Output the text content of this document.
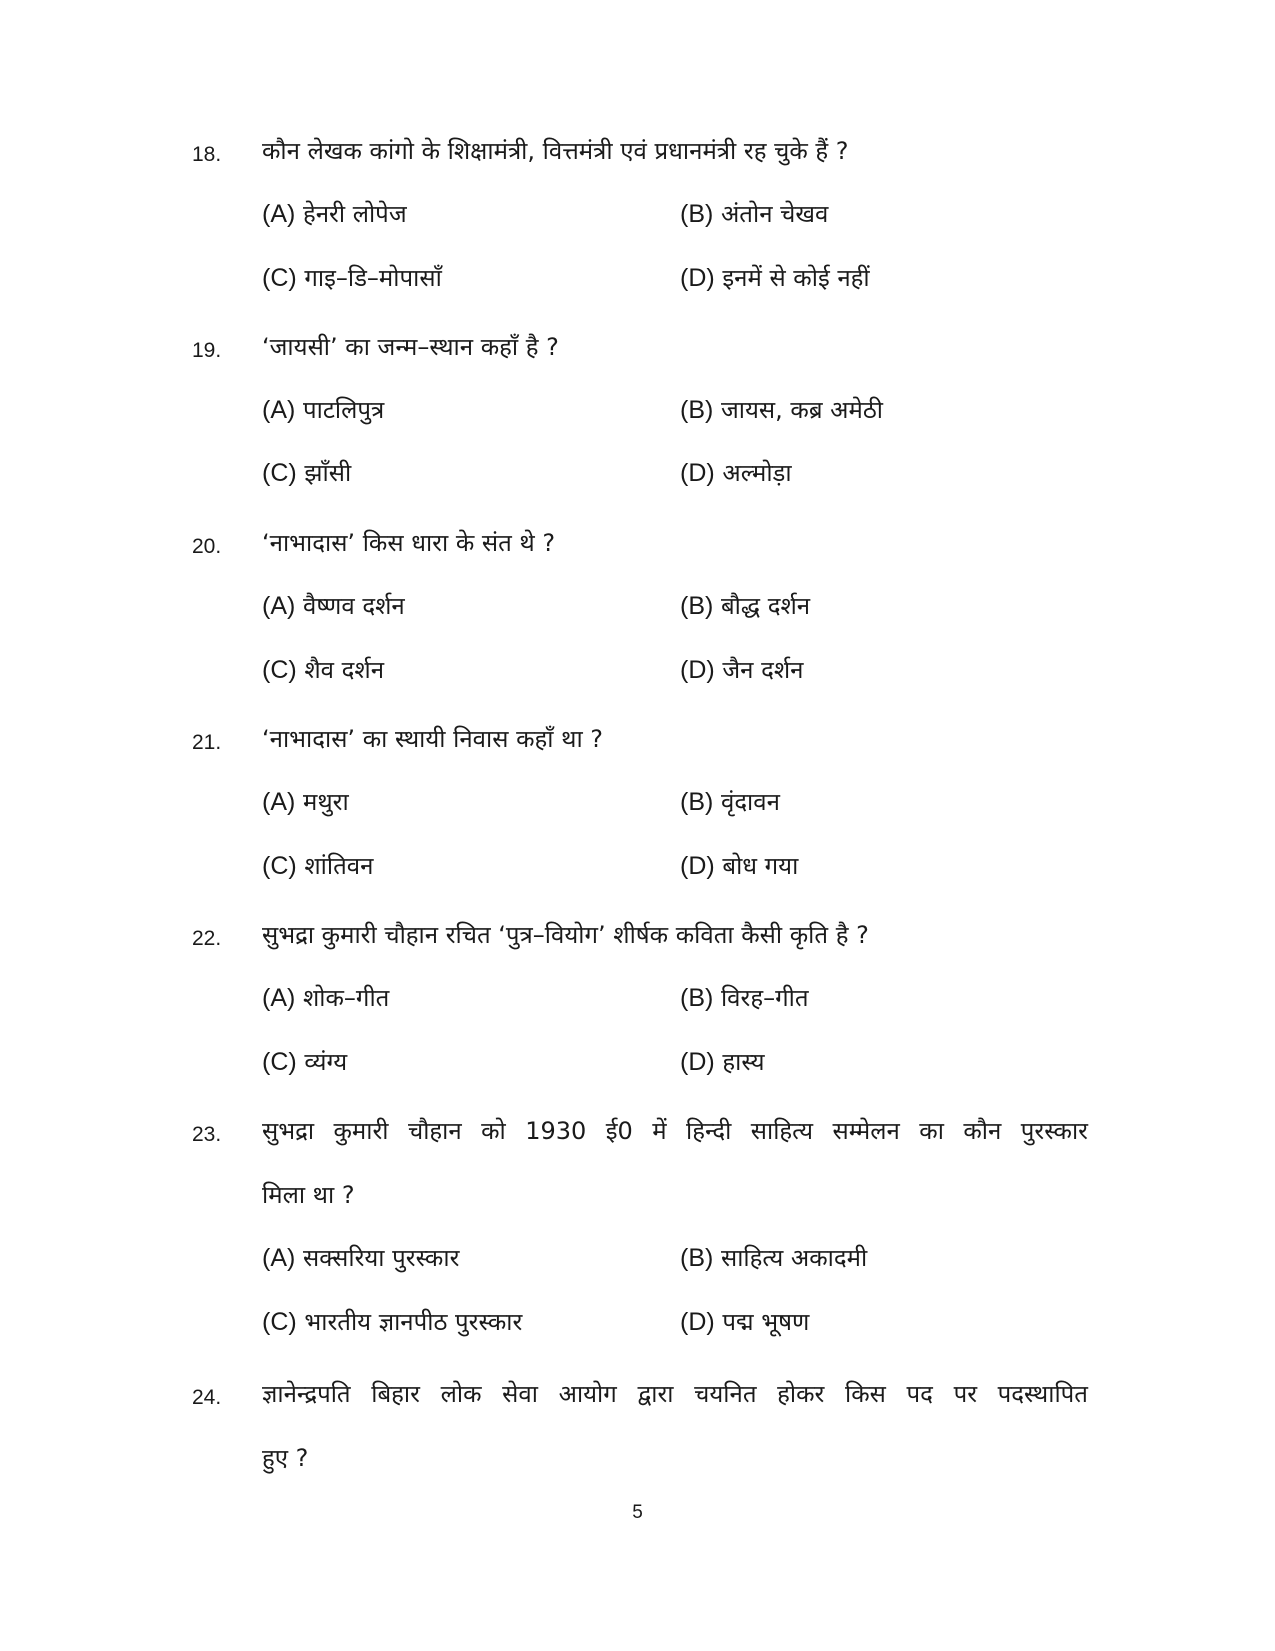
18. कौन लेखक कांगो के शिक्षामंत्री, वित्तमंत्री एवं प्रधानमंत्री रह चुके हैं ?
(A) हेनरी लोपेज	(B) अंतोन चेखव
(C) गाइ–डि–मोपासाँ	(D) इनमें से कोई नहीं
19. ‘जायसी’ का जन्म–स्थान कहाँ है ?
(A) पाटलिपुत्र	(B) जायस, कब्र अमेठी
(C) झाँसी	(D) अल्मोड़ा
20. ‘नाभादास’ किस धारा के संत थे ?
(A) वैष्णव दर्शन	(B) बौद्ध दर्शन
(C) शैव दर्शन	(D) जैन दर्शन
21. ‘नाभादास’ का स्थायी निवास कहाँ था ?
(A) मथुरा	(B) वृंदावन
(C) शांतिवन	(D) बोध गया
22. सुभद्रा कुमारी चौहान रचित ‘पुत्र–वियोग’ शीर्षक कविता कैसी कृति है ?
(A) शोक–गीत	(B) विरह–गीत
(C) व्यंग्य	(D) हास्य
23. सुभद्रा कुमारी चौहान को 1930 ई0 में हिन्दी साहित्य सम्मेलन का कौन पुरस्कार
मिला था ?
(A) सक्सरिया पुरस्कार	(B) साहित्य अकादमी
(C) भारतीय ज्ञानपीठ पुरस्कार	(D) पद्म भूषण
24. ज्ञानेन्द्रपति बिहार लोक सेवा आयोग द्वारा चयनित होकर किस पद पर पदस्थापित
हुए ?
5
